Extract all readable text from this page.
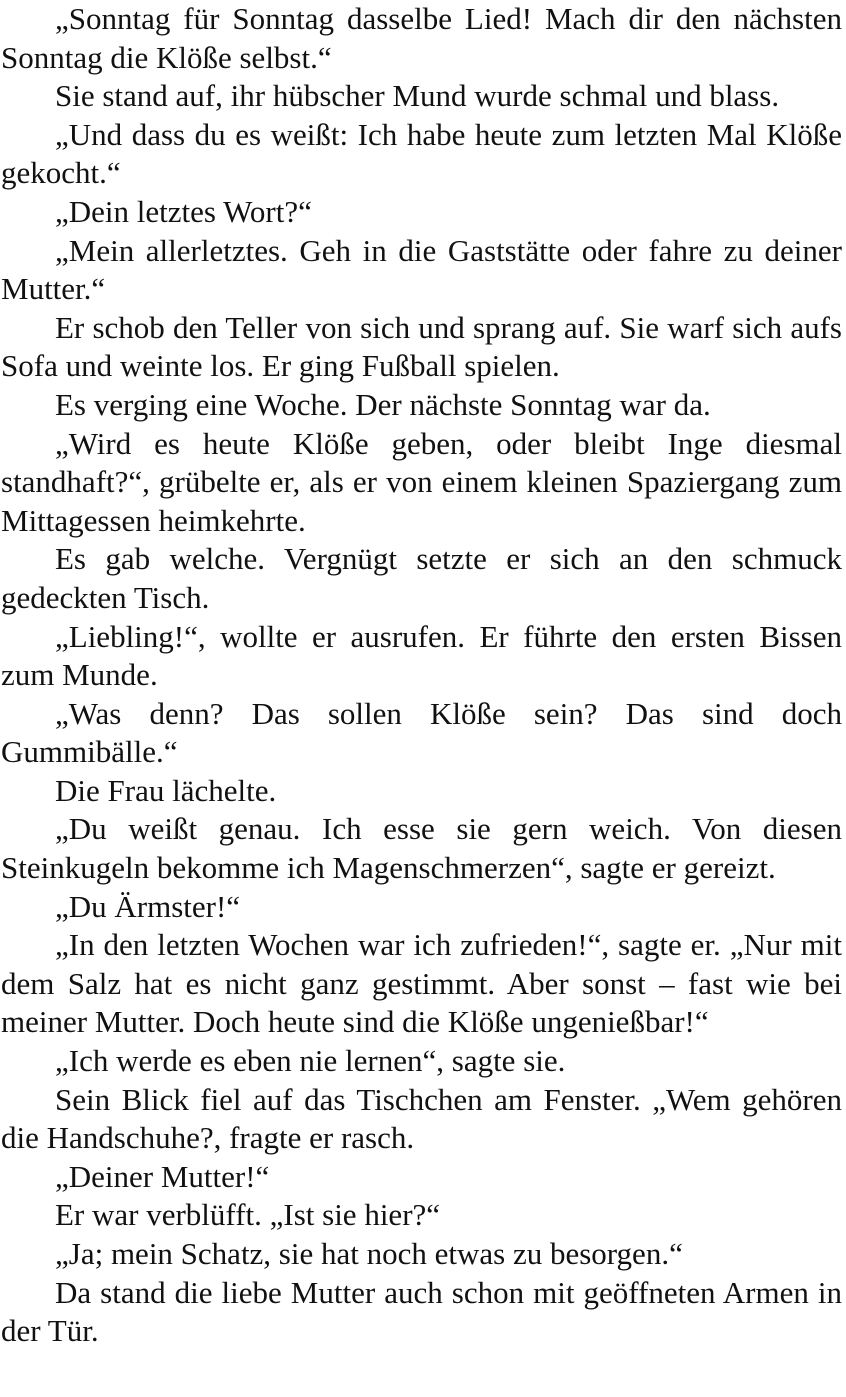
„Sonntag für Sonntag dasselbe Lied! Mach dir den nächsten Sonntag die Klöße selbst.“

Sie stand auf, ihr hübscher Mund wurde schmal und blass.

„Und dass du es weißt: Ich habe heute zum letzten Mal Klöße gekocht.“

„Dein letztes Wort?“

„Mein allerletztes. Geh in die Gaststätte oder fahre zu deiner Mutter.“

Er schob den Teller von sich und sprang auf. Sie warf sich aufs Sofa und weinte los. Er ging Fußball spielen.

Es verging eine Woche. Der nächste Sonntag war da.

„Wird es heute Klöße geben, oder bleibt Inge diesmal standhaft?“, grübelte er, als er von einem kleinen Spaziergang zum Mittagessen heimkehrte.

Es gab welche. Vergnügt setzte er sich an den schmuck gedeckten Tisch.

„Liebling!“, wollte er ausrufen. Er führte den ersten Bissen zum Munde.

„Was denn? Das sollen Klöße sein? Das sind doch Gummibälle.“

Die Frau lächelte.

„Du weißt genau. Ich esse sie gern weich. Von diesen Steinkugeln bekomme ich Magenschmerzen“, sagte er gereizt.

„Du Ärmster!“

„In den letzten Wochen war ich zufrieden!“, sagte er. „Nur mit dem Salz hat es nicht ganz gestimmt. Aber sonst – fast wie bei meiner Mutter. Doch heute sind die Klöße ungenießbar!“

„Ich werde es eben nie lernen“, sagte sie.

Sein Blick fiel auf das Tischchen am Fenster. „Wem gehören die Handschuhe?, fragte er rasch.

„Deiner Mutter!“

Er war verblüfft. „Ist sie hier?“

„Ja; mein Schatz, sie hat noch etwas zu besorgen.“

Da stand die liebe Mutter auch schon mit geöffneten Armen in der Tür.
